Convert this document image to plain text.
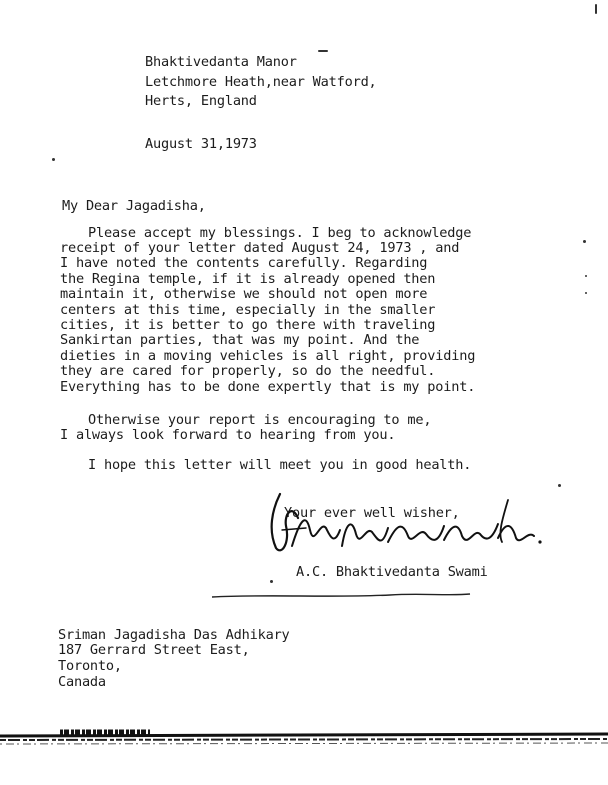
Bhaktivedanta Manor
Letchmore Heath,near Watford,
Herts, England
August 31,1973
My Dear Jagadisha,
Please accept my blessings. I beg to acknowledge
receipt of your letter dated August 24, 1973 , and
I have noted the contents carefully. Regarding
the Regina temple, if it is already opened then
maintain it, otherwise we should not open more
centers at this time, especially in the smaller
cities, it is better to go there with traveling
Sankirtan parties, that was my point. And the
dieties in a moving vehicles is all right, providing
they are cared for properly, so do the needful.
Everything has to be done expertly that is my point.
Otherwise your report is encouraging to me,
I always look forward to hearing from you.
I hope this letter will meet you in good health.
Your ever well wisher,
A.C. Bhaktivedanta Swami
Sriman Jagadisha Das Adhikary
187 Gerrard Street East,
Toronto,
Canada
